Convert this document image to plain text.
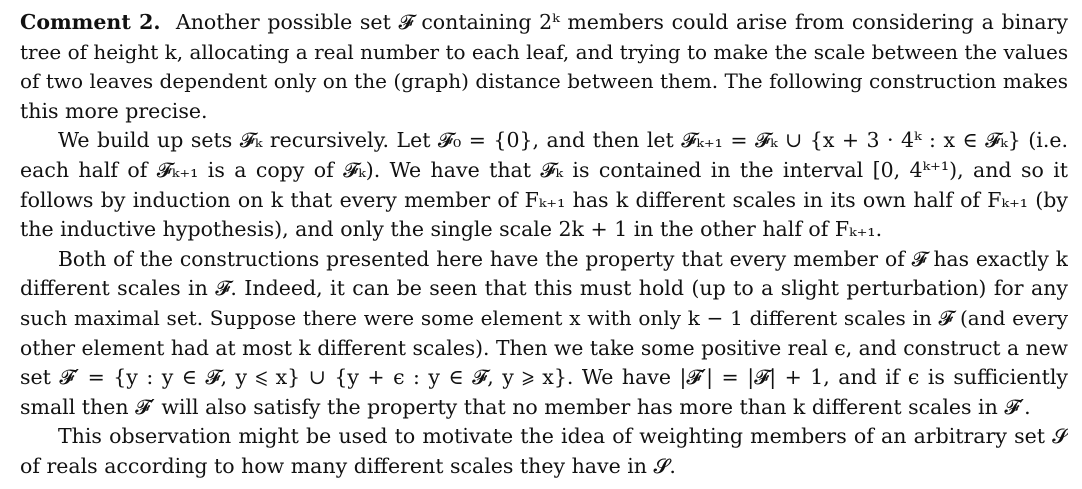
Comment 2. Another possible set 𝓕 containing 2ᵏ members could arise from considering a binary
tree of height k, allocating a real number to each leaf, and trying to make the scale between the values
of two leaves dependent only on the (graph) distance between them. The following construction makes
this more precise.
We build up sets 𝓕ₖ recursively. Let 𝓕₀ = {0}, and then let 𝓕ₖ₊₁ = 𝓕ₖ ∪ {x + 3 · 4ᵏ : x ∈ 𝓕ₖ} (i.e.
each half of 𝓕ₖ₊₁ is a copy of 𝓕ₖ). We have that 𝓕ₖ is contained in the interval [0, 4ᵏ⁺¹), and so it
follows by induction on k that every member of Fₖ₊₁ has k different scales in its own half of Fₖ₊₁ (by
the inductive hypothesis), and only the single scale 2k + 1 in the other half of Fₖ₊₁.
Both of the constructions presented here have the property that every member of 𝓕 has exactly k
different scales in 𝓕. Indeed, it can be seen that this must hold (up to a slight perturbation) for any
such maximal set. Suppose there were some element x with only k − 1 different scales in 𝓕 (and every
other element had at most k different scales). Then we take some positive real ϵ, and construct a new
set 𝓕′ = {y : y ∈ 𝓕, y ⩽ x} ∪ {y + ϵ : y ∈ 𝓕, y ⩾ x}. We have |𝓕′| = |𝓕| + 1, and if ϵ is sufficiently
small then 𝓕′ will also satisfy the property that no member has more than k different scales in 𝓕′.
This observation might be used to motivate the idea of weighting members of an arbitrary set 𝓢
of reals according to how many different scales they have in 𝓢.
